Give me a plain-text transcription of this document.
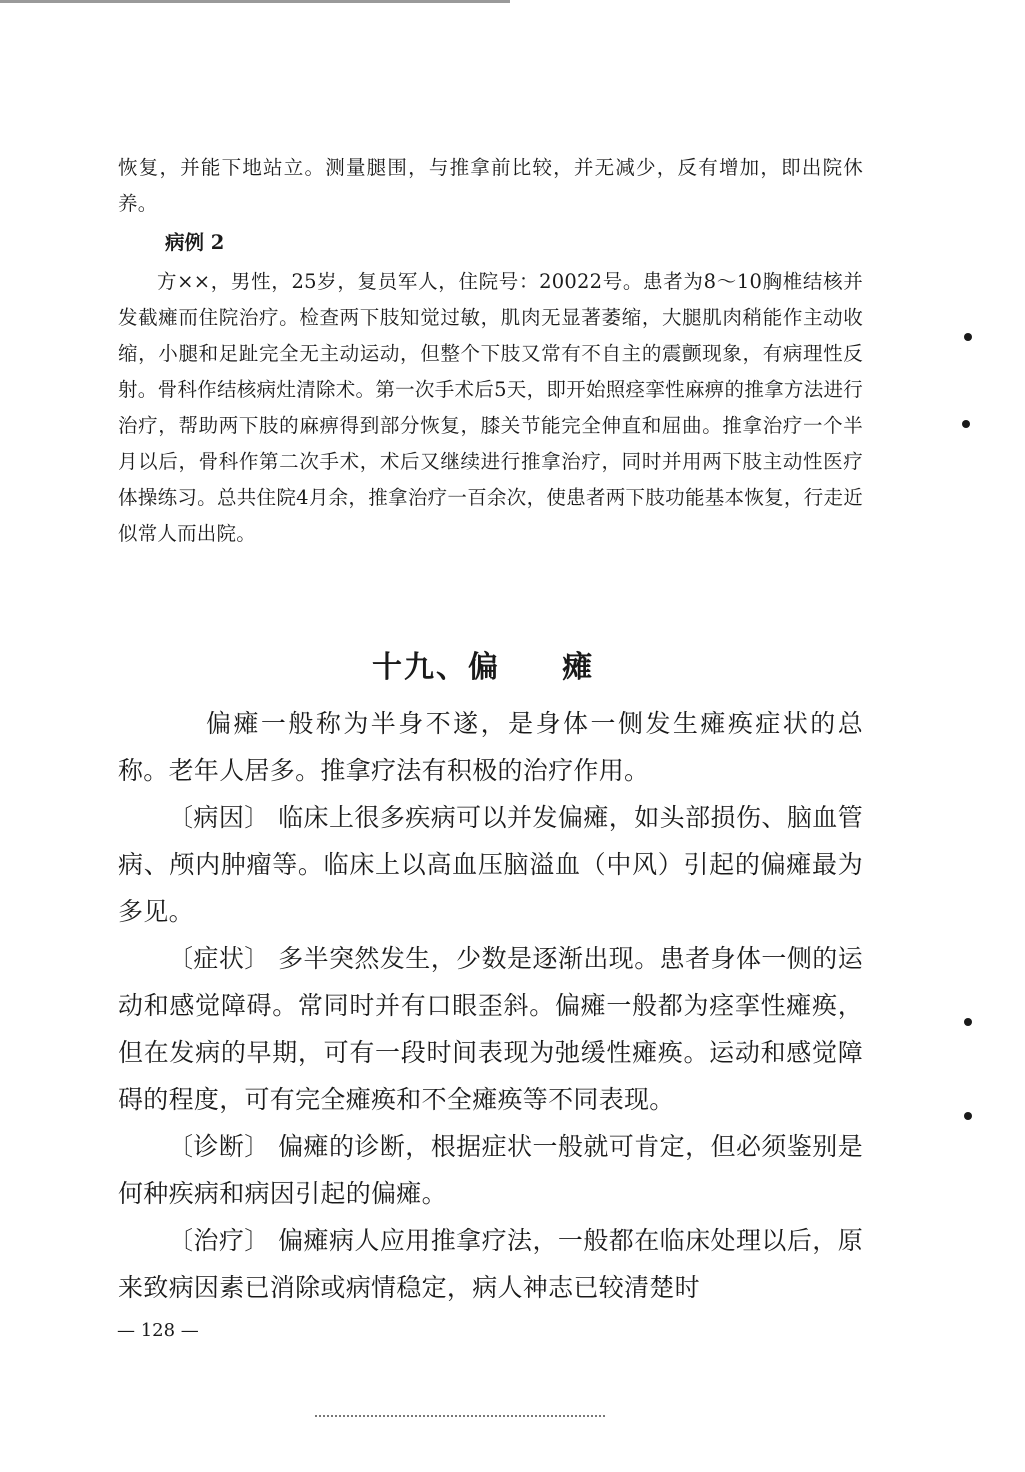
恢复，并能下地站立。测量腿围，与推拿前比较，并无减少，反有增加，即出院休养。

病例 2

方××，男性，25岁，复员军人，住院号：20022号。患者为8～10胸椎结核并发截瘫而住院治疗。检查两下肢知觉过敏，肌肉无显著萎缩，大腿肌肉稍能作主动收缩，小腿和足趾完全无主动运动，但整个下肢又常有不自主的震颤现象，有病理性反射。骨科作结核病灶清除术。第一次手术后5天，即开始照痉挛性麻痹的推拿方法进行治疗，帮助两下肢的麻痹得到部分恢复，膝关节能完全伸直和屈曲。推拿治疗一个半月以后，骨科作第二次手术，术后又继续进行推拿治疗，同时并用两下肢主动性医疗体操练习。总共住院4月余，推拿治疗一百余次，使患者两下肢功能基本恢复，行走近似常人而出院。

十九、偏     瘫

偏瘫一般称为半身不遂，是身体一侧发生瘫痪症状的总称。老年人居多。推拿疗法有积极的治疗作用。

〔病因〕 临床上很多疾病可以并发偏瘫，如头部损伤、脑血管病、颅内肿瘤等。临床上以高血压脑溢血（中风）引起的偏瘫最为多见。

〔症状〕 多半突然发生，少数是逐渐出现。患者身体一侧的运动和感觉障碍。常同时并有口眼歪斜。偏瘫一般都为痉挛性瘫痪，但在发病的早期，可有一段时间表现为弛缓性瘫痪。运动和感觉障碍的程度，可有完全瘫痪和不全瘫痪等不同表现。

〔诊断〕 偏瘫的诊断，根据症状一般就可肯定，但必须鉴别是何种疾病和病因引起的偏瘫。

〔治疗〕 偏瘫病人应用推拿疗法，一般都在临床处理以后，原来致病因素已消除或病情稳定，病人神志已较清楚时

— 128 —
